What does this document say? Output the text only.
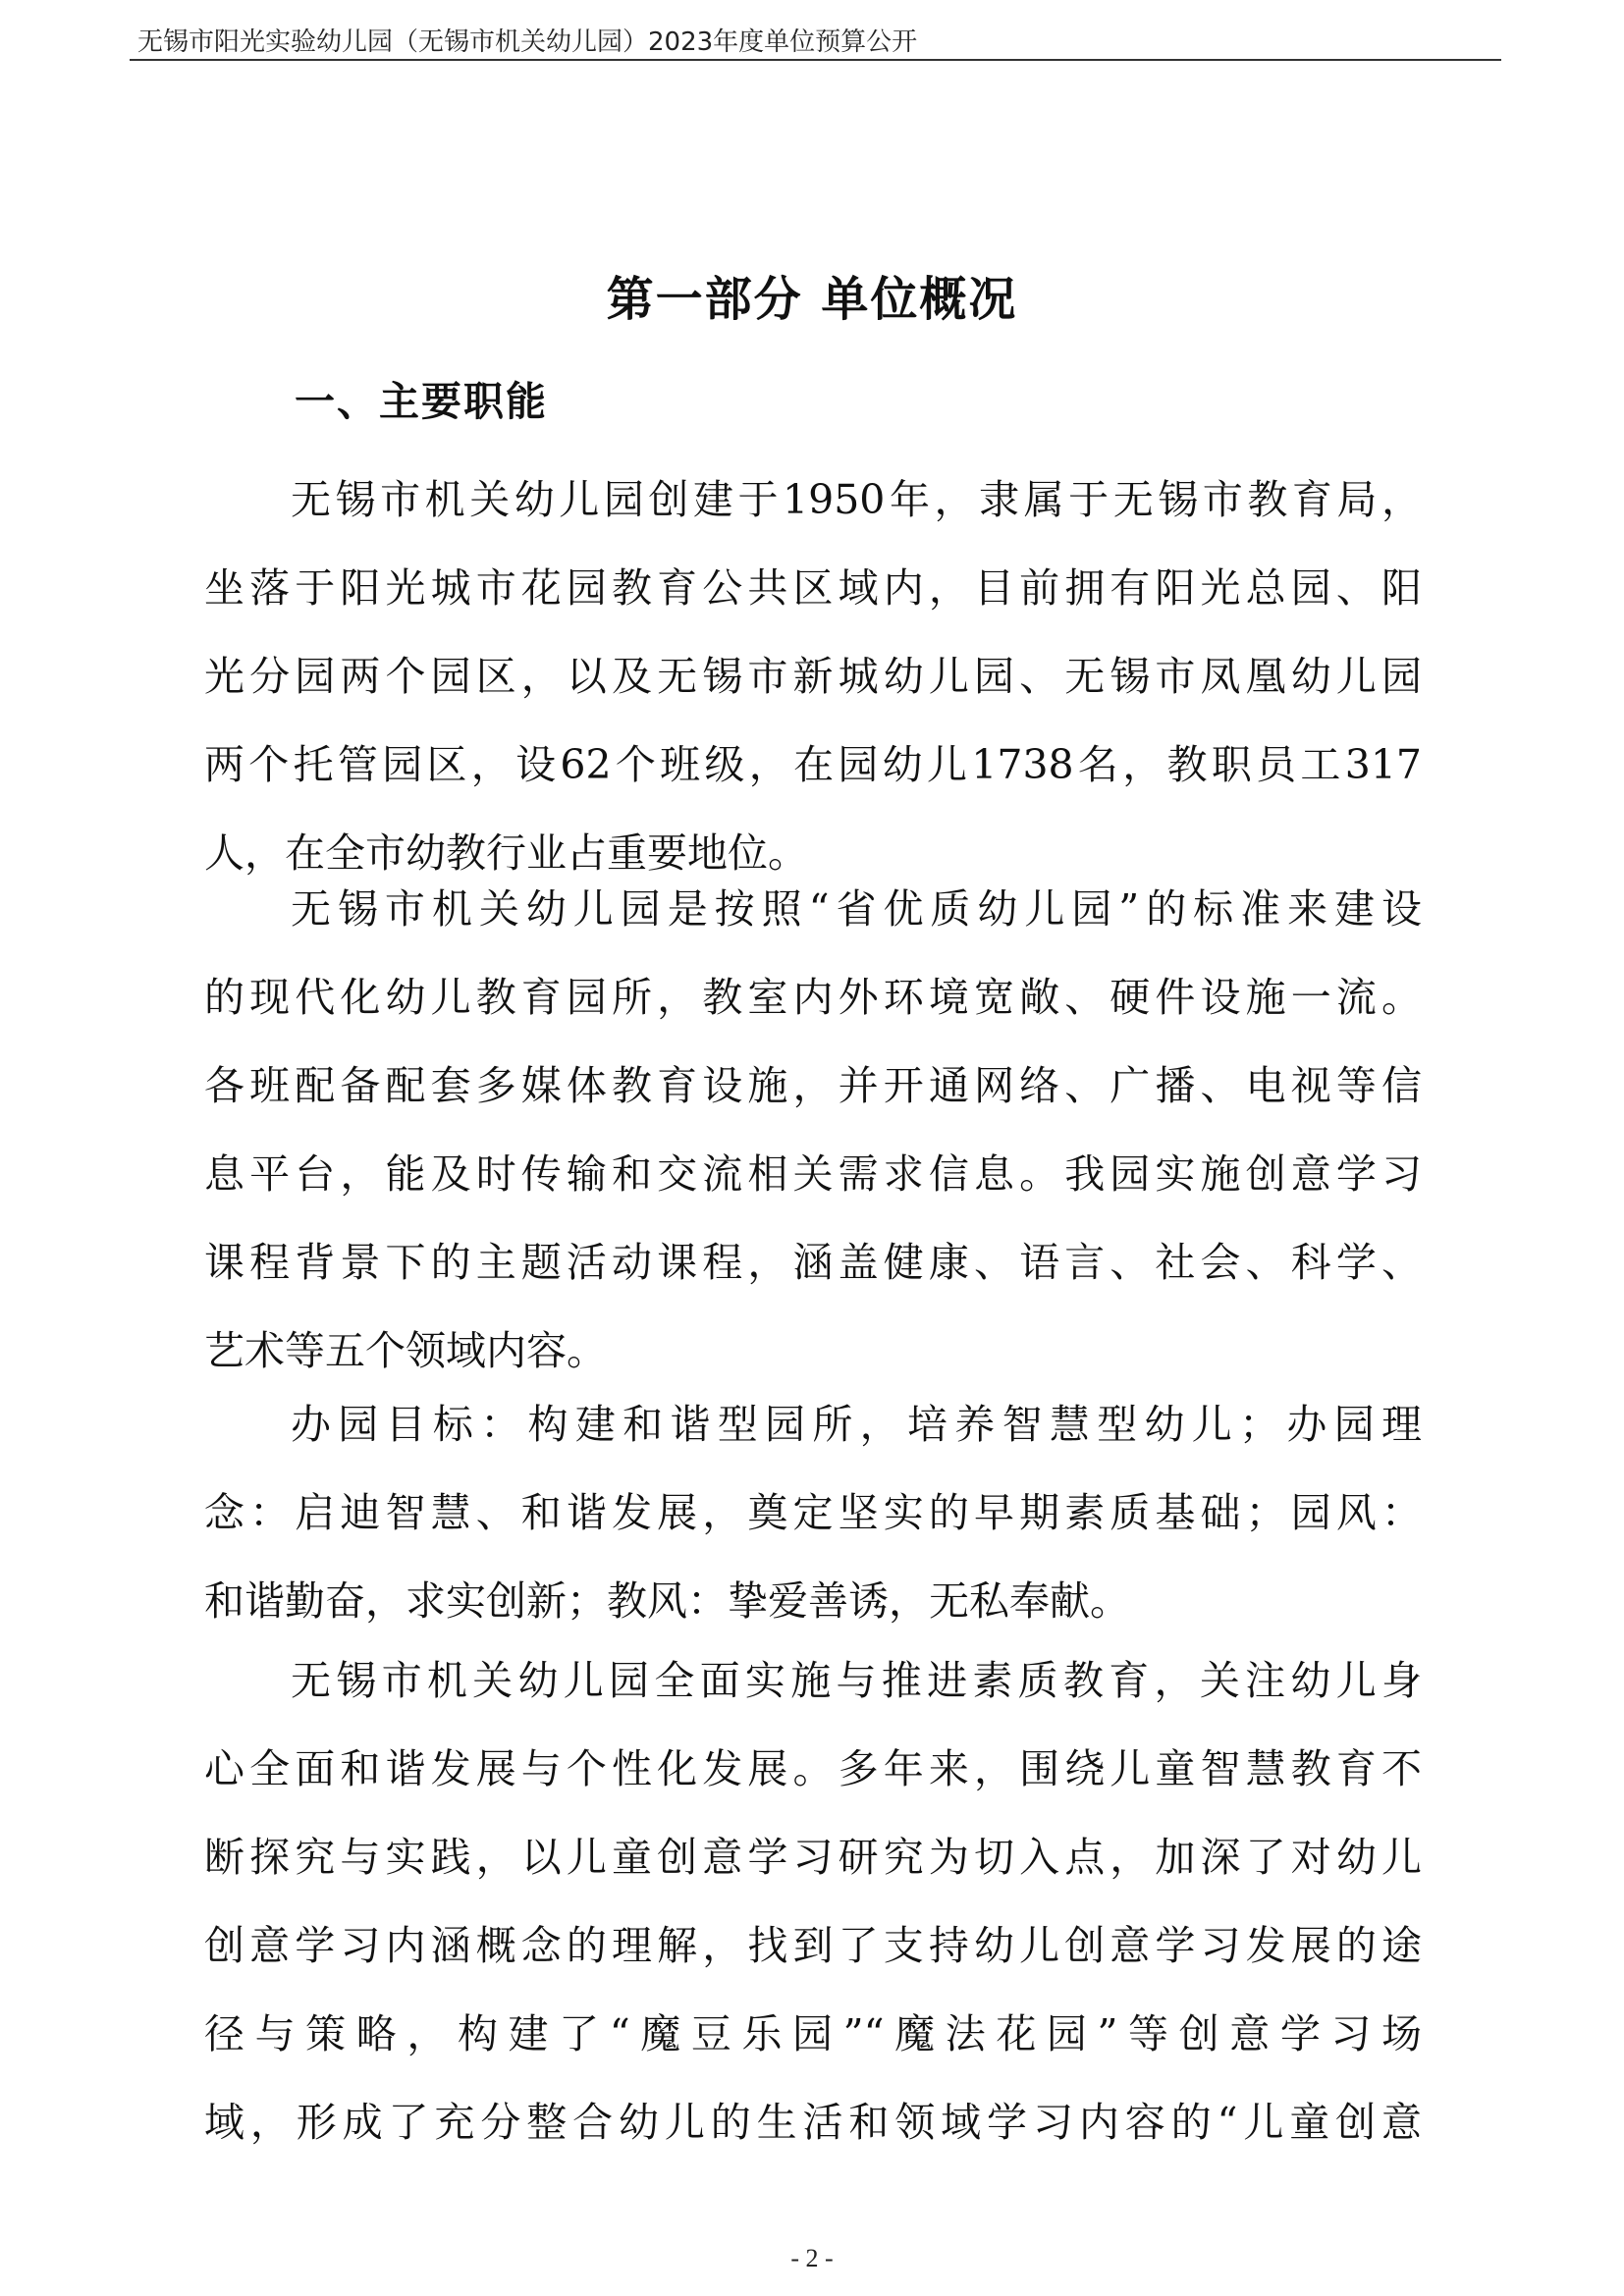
无锡市阳光实验幼儿园（无锡市机关幼儿园）2023年度单位预算公开
第一部分 单位概况
一、主要职能
无锡市机关幼儿园创建于1950年，隶属于无锡市教育局，
坐落于阳光城市花园教育公共区域内，目前拥有阳光总园、阳
光分园两个园区，以及无锡市新城幼儿园、无锡市凤凰幼儿园
两个托管园区，设62个班级，在园幼儿1738名，教职员工317
人，在全市幼教行业占重要地位。
无锡市机关幼儿园是按照“省优质幼儿园”的标准来建设
的现代化幼儿教育园所，教室内外环境宽敞、硬件设施一流。
各班配备配套多媒体教育设施，并开通网络、广播、电视等信
息平台，能及时传输和交流相关需求信息。我园实施创意学习
课程背景下的主题活动课程，涵盖健康、语言、社会、科学、
艺术等五个领域内容。
办园目标：构建和谐型园所，培养智慧型幼儿；办园理
念：启迪智慧、和谐发展，奠定坚实的早期素质基础；园风：
和谐勤奋，求实创新；教风：挚爱善诱，无私奉献。
无锡市机关幼儿园全面实施与推进素质教育，关注幼儿身
心全面和谐发展与个性化发展。多年来，围绕儿童智慧教育不
断探究与实践，以儿童创意学习研究为切入点，加深了对幼儿
创意学习内涵概念的理解，找到了支持幼儿创意学习发展的途
径与策略，构建了“魔豆乐园”“魔法花园”等创意学习场
域，形成了充分整合幼儿的生活和领域学习内容的“儿童创意
- 2 -
